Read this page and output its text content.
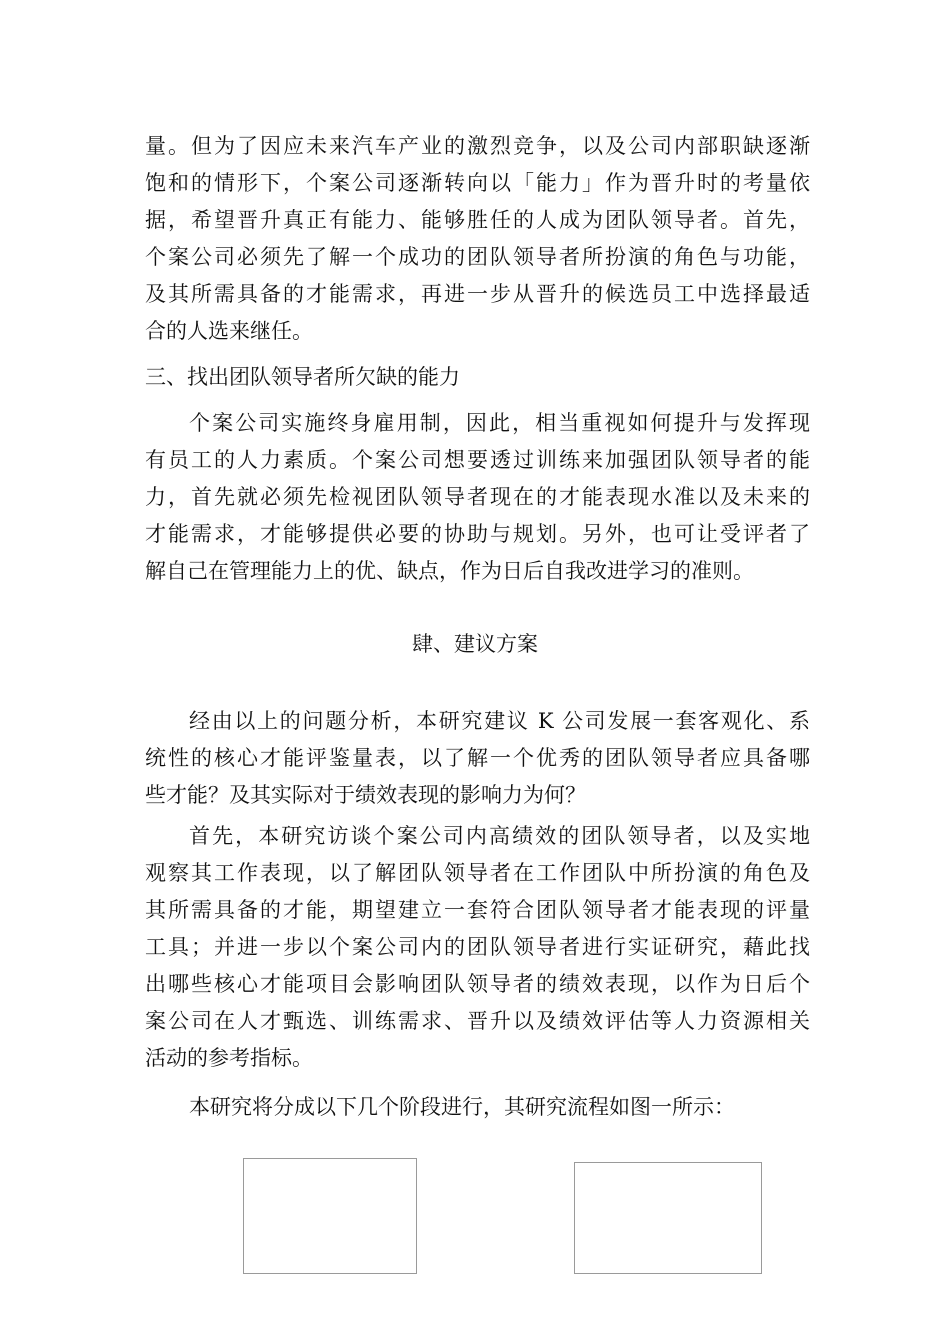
量。但为了因应未来汽车产业的激烈竞争，以及公司内部职缺逐渐
饱和的情形下，个案公司逐渐转向以「能力」作为晋升时的考量依
据，希望晋升真正有能力、能够胜任的人成为团队领导者。首先，
个案公司必须先了解一个成功的团队领导者所扮演的角色与功能，
及其所需具备的才能需求，再进一步从晋升的候选员工中选择最适
合的人选来继任。
三、找出团队领导者所欠缺的能力
个案公司实施终身雇用制，因此，相当重视如何提升与发挥现
有员工的人力素质。个案公司想要透过训练来加强团队领导者的能
力，首先就必须先检视团队领导者现在的才能表现水准以及未来的
才能需求，才能够提供必要的协助与规划。另外，也可让受评者了
解自己在管理能力上的优、缺点，作为日后自我改进学习的准则。
肆、建议方案
经由以上的问题分析，本研究建议 K 公司发展一套客观化、系
统性的核心才能评鉴量表，以了解一个优秀的团队领导者应具备哪
些才能？及其实际对于绩效表现的影响力为何？
首先，本研究访谈个案公司内高绩效的团队领导者，以及实地
观察其工作表现，以了解团队领导者在工作团队中所扮演的角色及
其所需具备的才能，期望建立一套符合团队领导者才能表现的评量
工具；并进一步以个案公司内的团队领导者进行实证研究，藉此找
出哪些核心才能项目会影响团队领导者的绩效表现，以作为日后个
案公司在人才甄选、训练需求、晋升以及绩效评估等人力资源相关
活动的参考指标。
本研究将分成以下几个阶段进行，其研究流程如图一所示：
